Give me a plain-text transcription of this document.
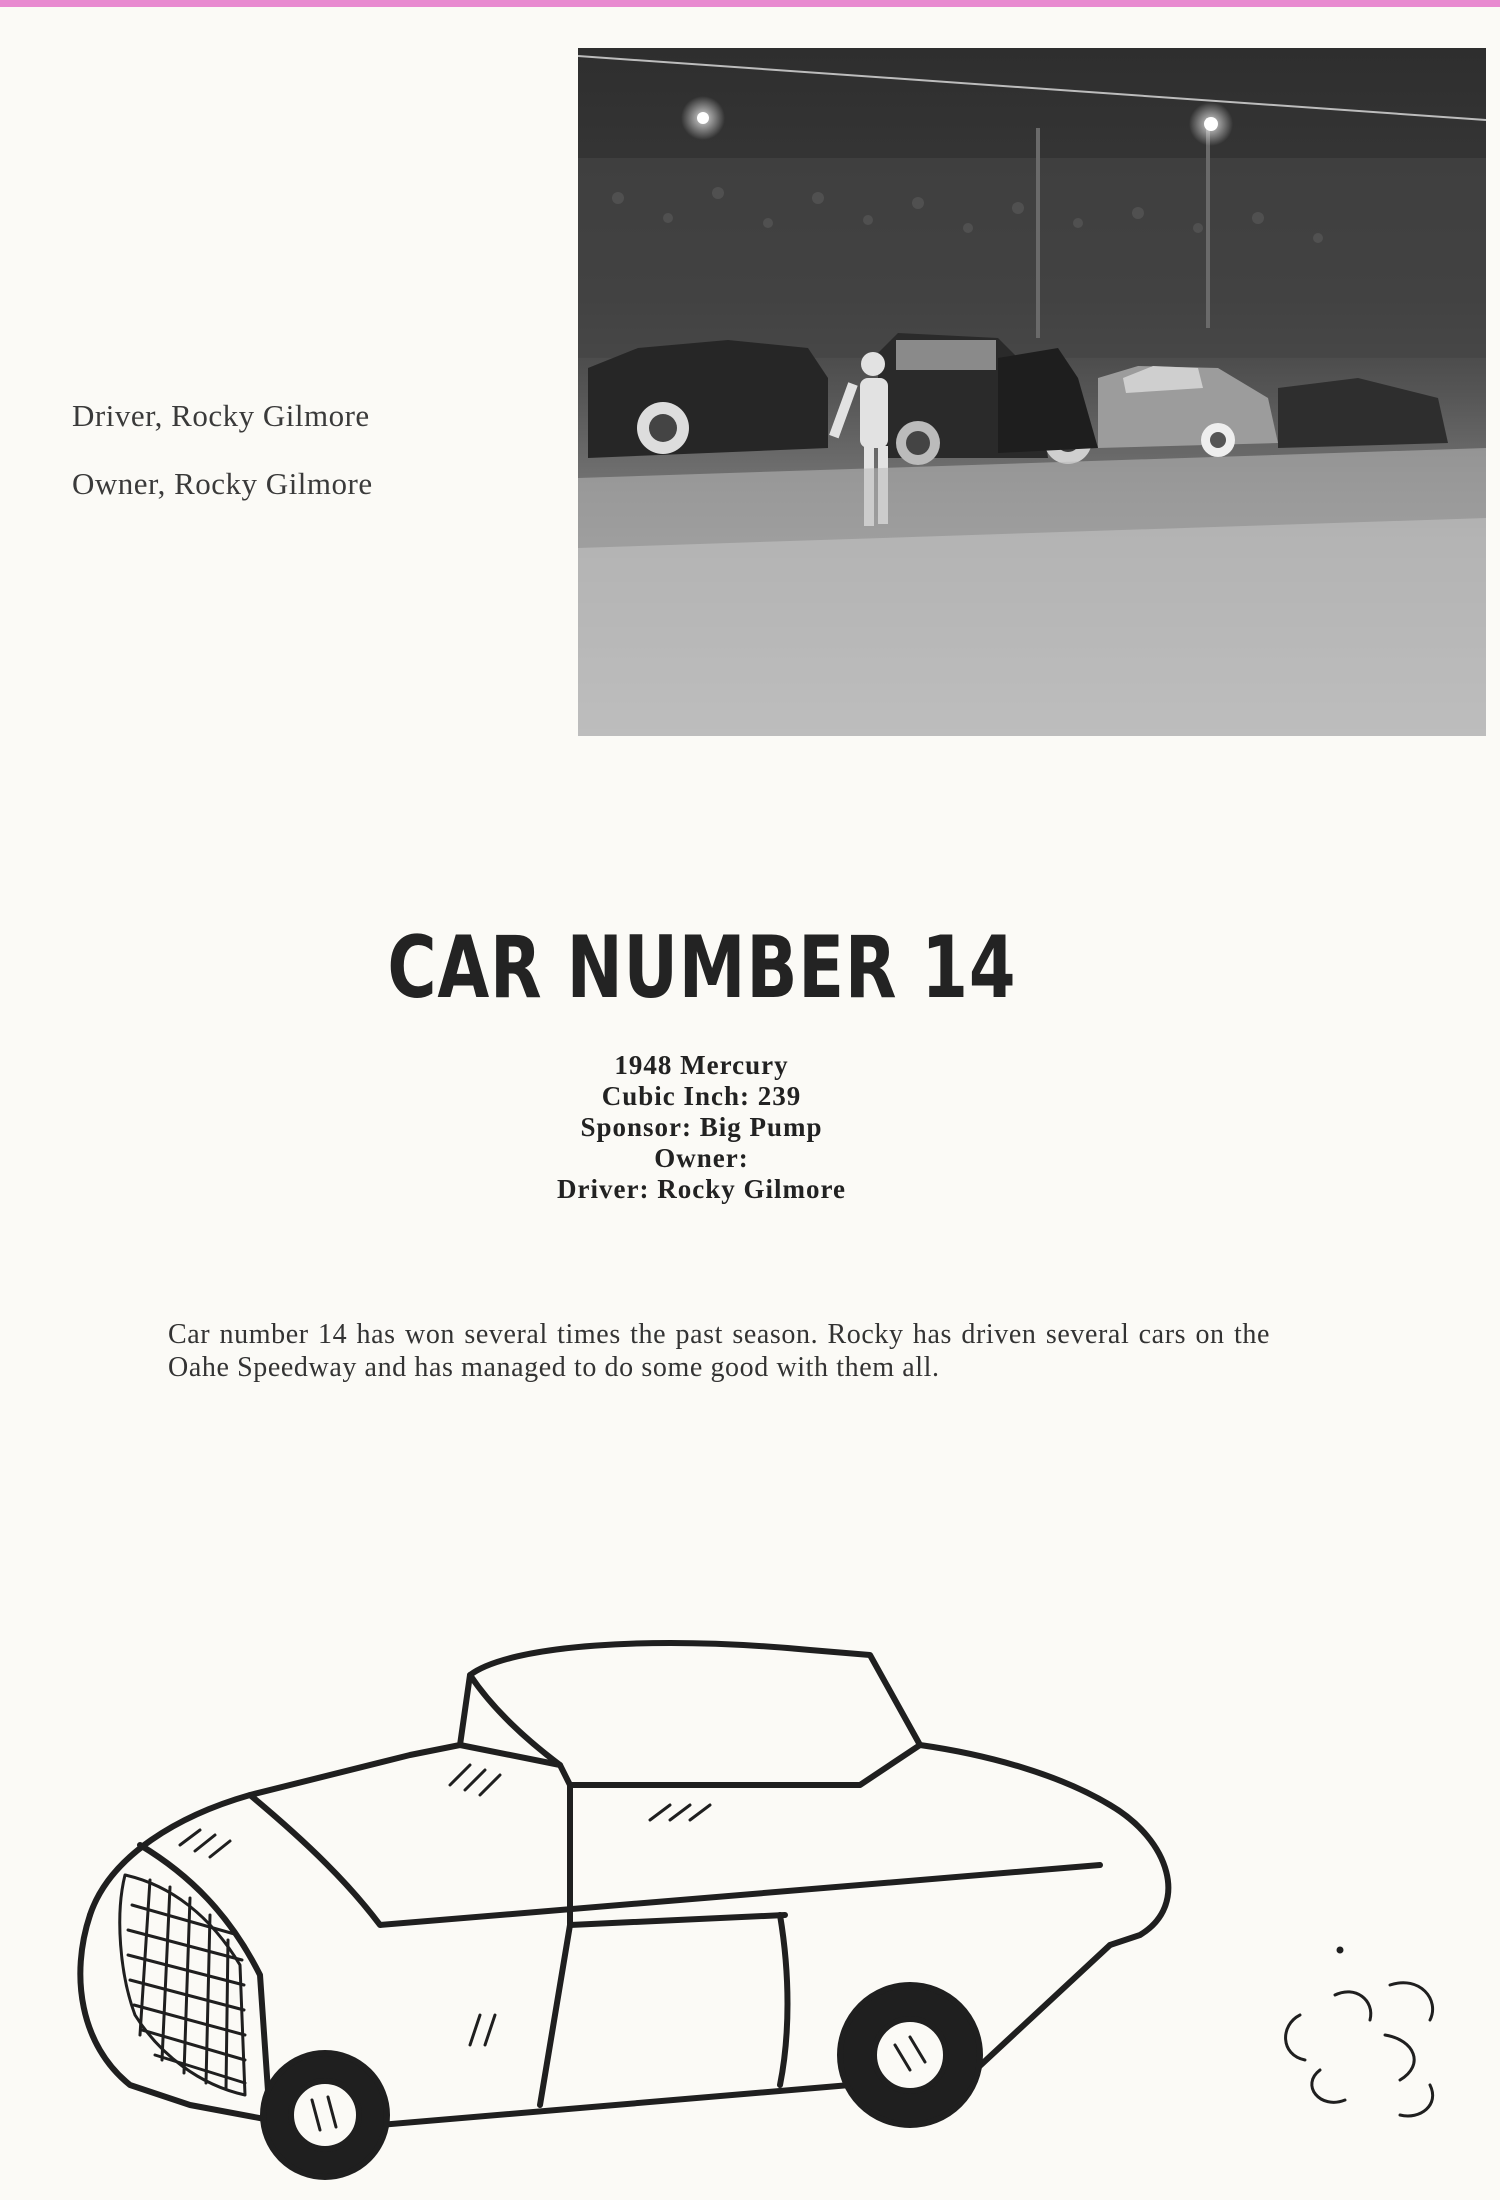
Driver, Rocky Gilmore
Owner, Rocky Gilmore
CAR NUMBER 14
1948 Mercury
Cubic Inch: 239
Sponsor: Big Pump
Owner:
Driver: Rocky Gilmore
Car number 14 has won several times the past season. Rocky has driven several cars on the Oahe Speedway and has managed to do some good with them all.
